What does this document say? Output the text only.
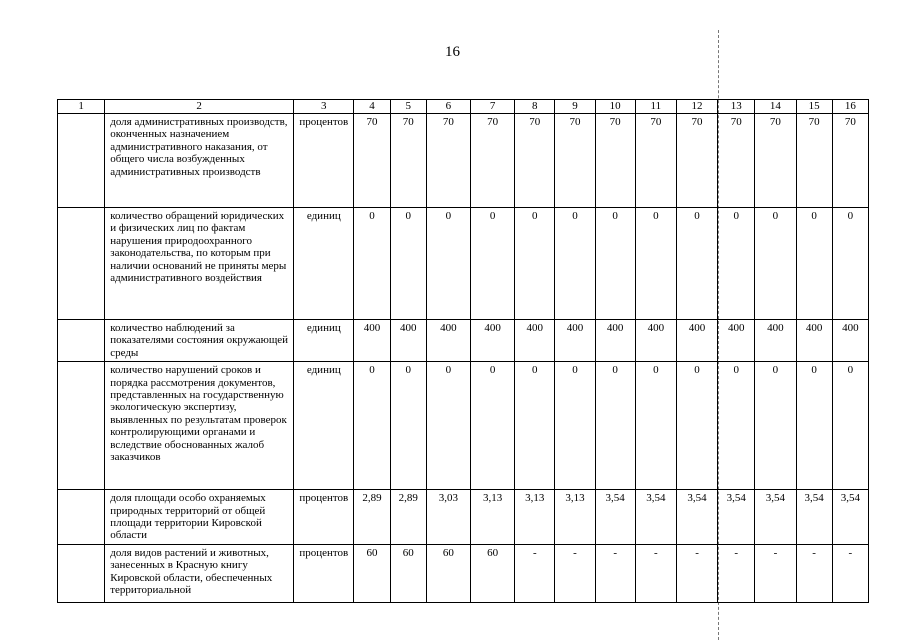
16
1	2	3	4	5	6	7	8	9	10	11	12	13	14	15	16
	доля административных производств, оконченных назначением административного наказания, от общего числа возбужденных административных производств	процентов	70	70	70	70	70	70	70	70	70	70	70	70	70
	количество обращений юридических и физических лиц по фактам нарушения природоохранного законодательства, по которым при наличии оснований не приняты меры административного воздействия	единиц	0	0	0	0	0	0	0	0	0	0	0	0	0
	количество наблюдений за показателями состояния окружающей среды	единиц	400	400	400	400	400	400	400	400	400	400	400	400	400
	количество нарушений сроков и порядка рассмотрения документов, представленных на государственную экологическую экспертизу, выявленных по результатам проверок контролирующими органами и вследствие обоснованных жалоб заказчиков	единиц	0	0	0	0	0	0	0	0	0	0	0	0	0
	доля площади особо охраняемых природных территорий от общей площади территории Кировской области	процентов	2,89	2,89	3,03	3,13	3,13	3,13	3,54	3,54	3,54	3,54	3,54	3,54	3,54
	доля видов растений и животных, занесенных в Красную книгу Кировской области, обеспеченных территориальной	процентов	60	60	60	60	-	-	-	-	-	-	-	-	-
